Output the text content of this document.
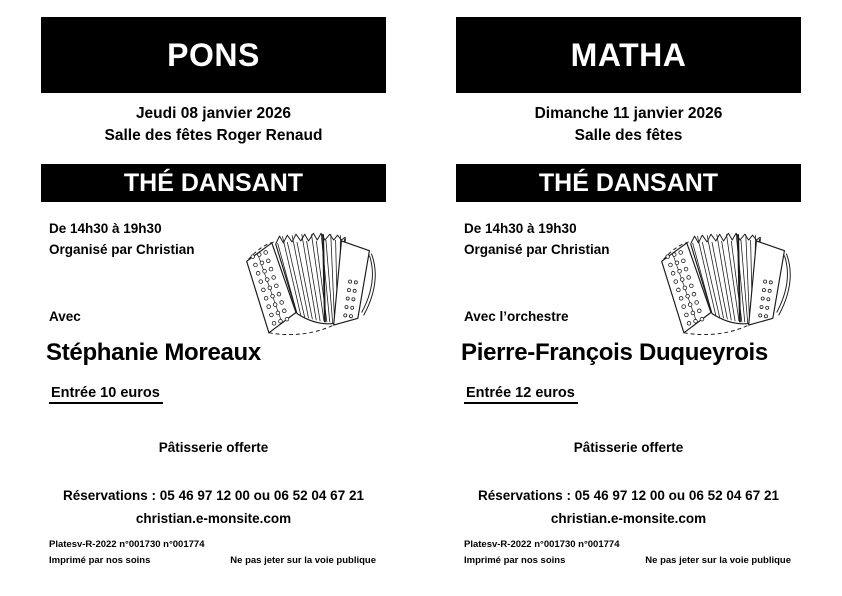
PONS
Jeudi 08 janvier 2026
Salle des fêtes Roger Renaud
THÉ DANSANT
De 14h30 à 19h30
Organisé par Christian
Avec
Stéphanie Moreaux
Entrée 10 euros
Pâtisserie offerte
Réservations : 05 46 97 12 00 ou 06 52 04 67 21
christian.e-monsite.com
Platesv-R-2022 n°001730 n°001774
Imprimé par nos soins	Ne pas jeter sur la voie publique
MATHA
Dimanche 11 janvier 2026
Salle des fêtes
THÉ DANSANT
De 14h30 à 19h30
Organisé par Christian
Avec l’orchestre
Pierre-François Duqueyrois
Entrée 12 euros
Pâtisserie offerte
Réservations : 05 46 97 12 00 ou 06 52 04 67 21
christian.e-monsite.com
Platesv-R-2022 n°001730 n°001774
Imprimé par nos soins	Ne pas jeter sur la voie publique
